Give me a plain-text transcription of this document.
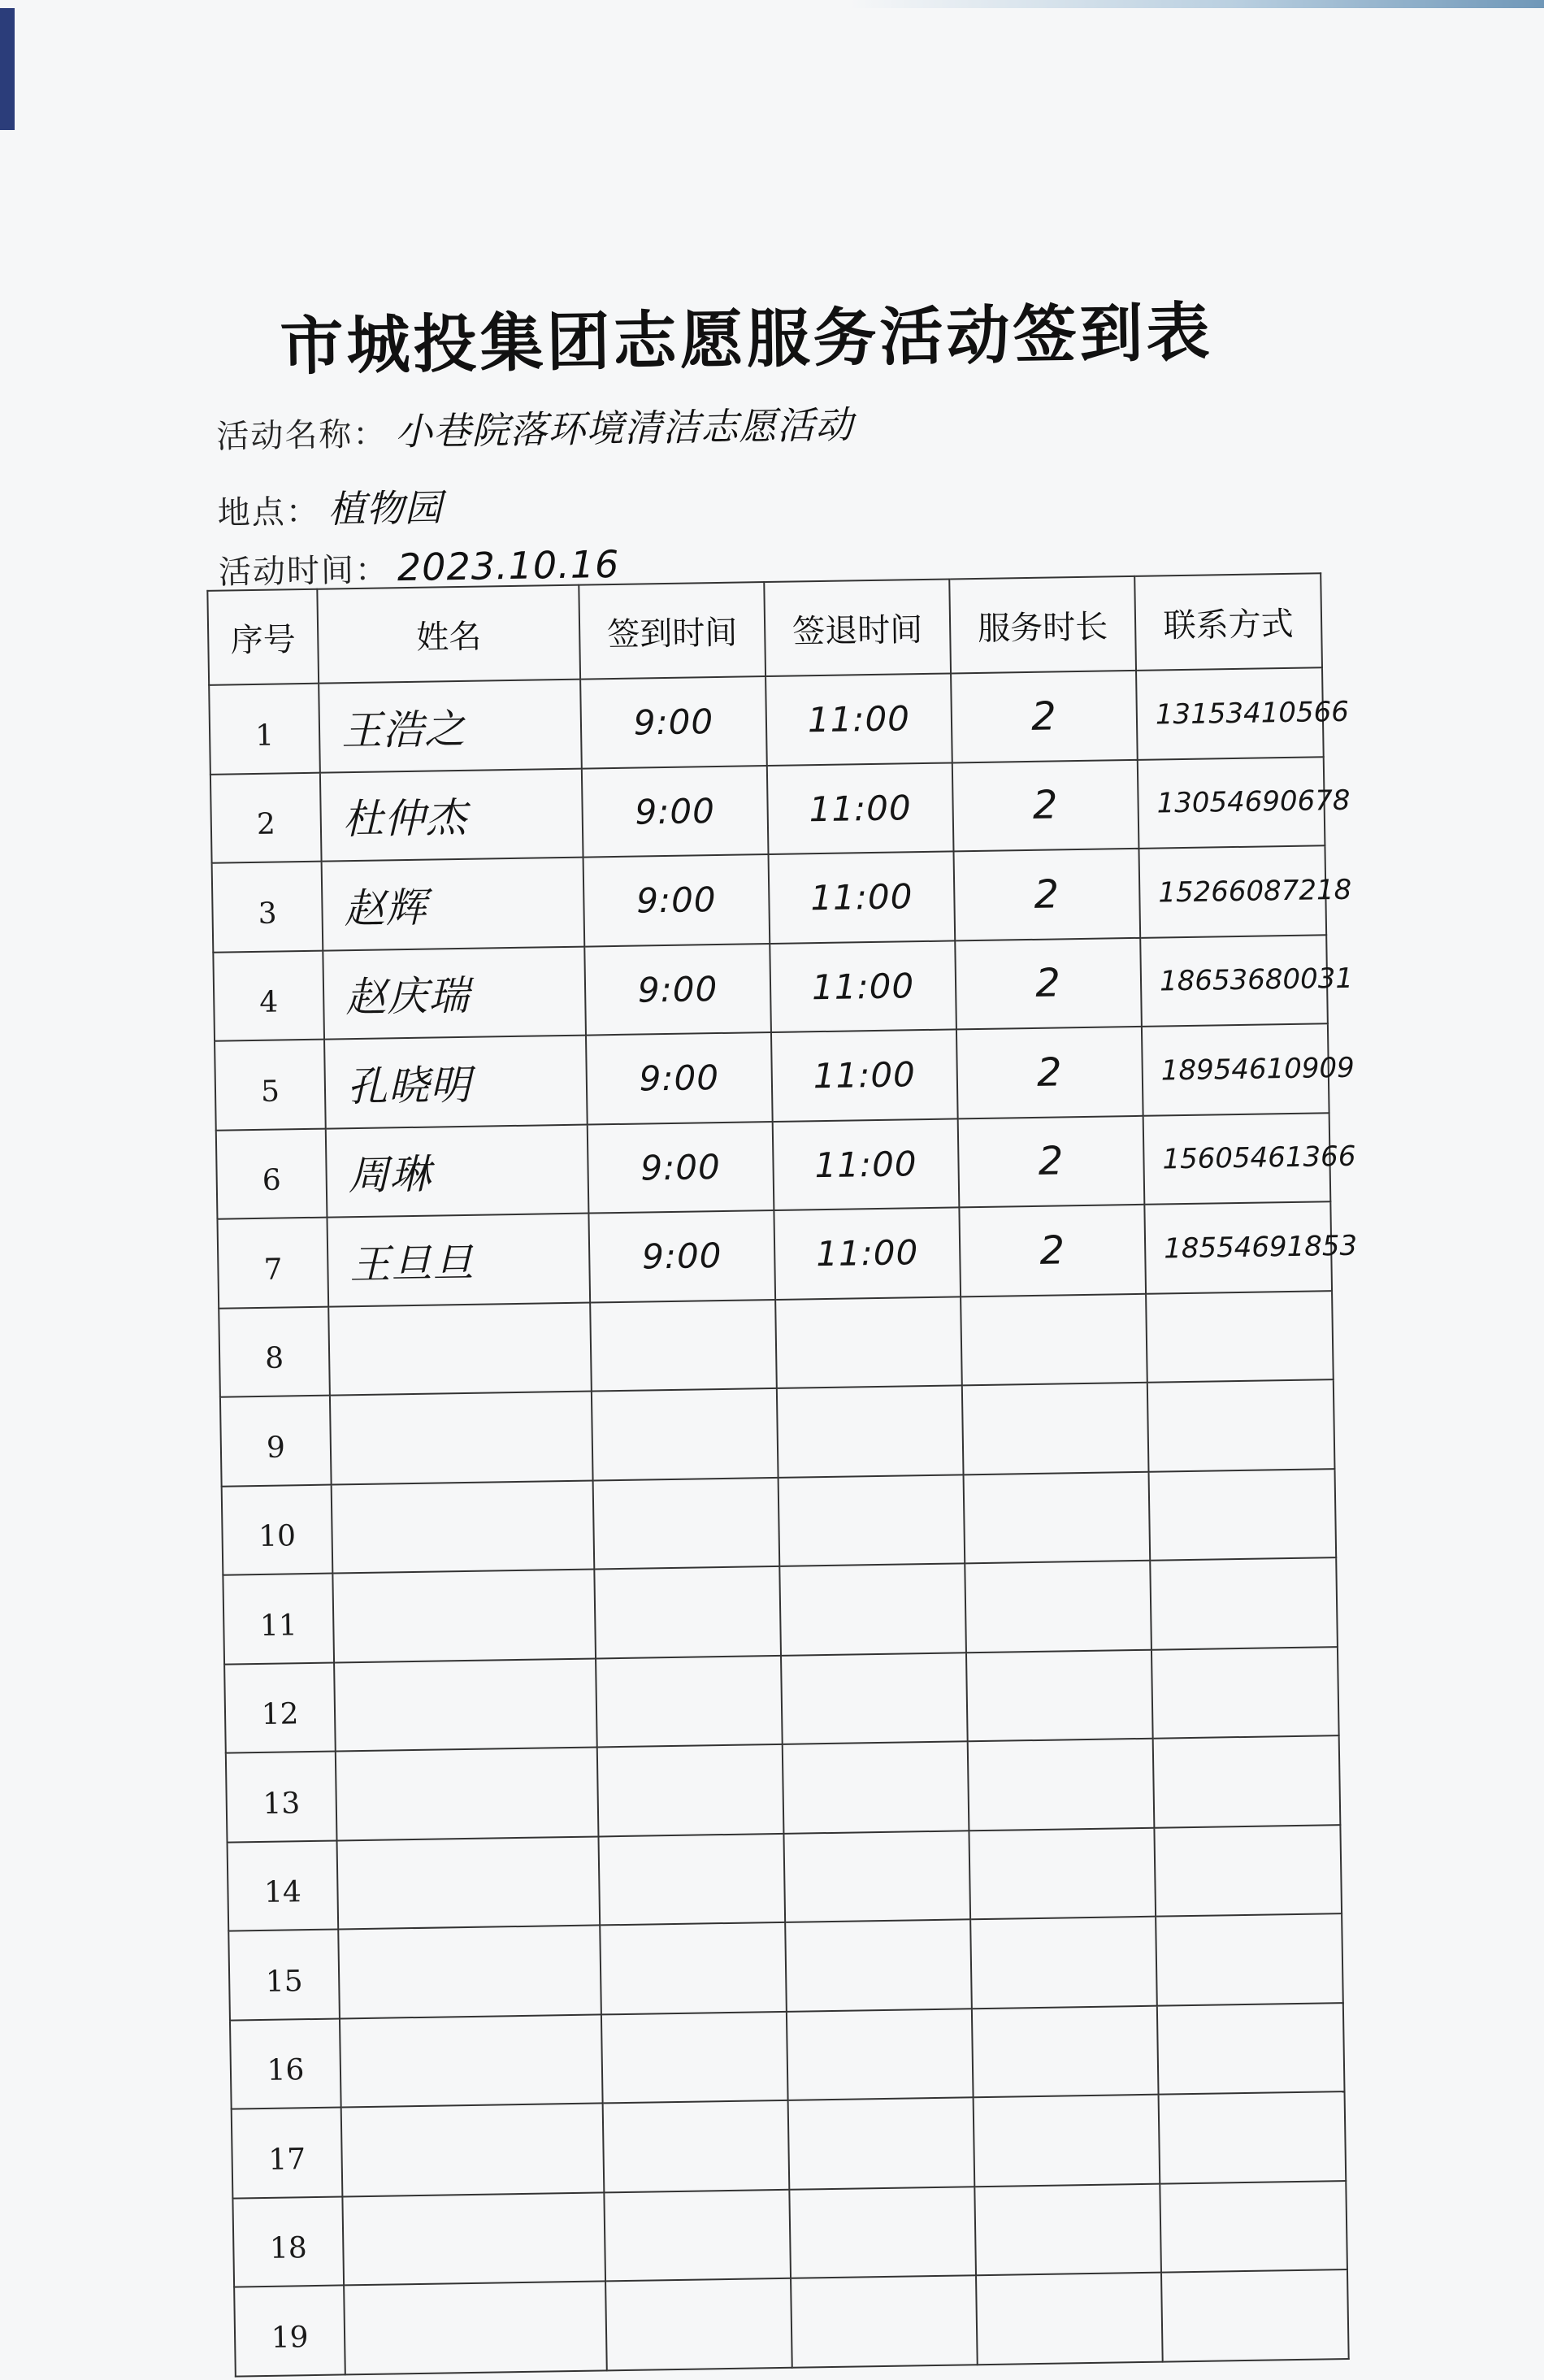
市城投集团志愿服务活动签到表
活动名称： 小巷院落环境清洁志愿活动
地点： 植物园
活动时间： 2023.10.16
序号	姓名	签到时间	签退时间	服务时长	联系方式
1	王浩之	9:00	11:00	2	13153410566
2	杜仲杰	9:00	11:00	2	13054690678
3	赵辉	9:00	11:00	2	15266087218
4	赵庆瑞	9:00	11:00	2	18653680031
5	孔晓明	9:00	11:00	2	18954610909
6	周琳	9:00	11:00	2	15605461366
7	王旦旦	9:00	11:00	2	18554691853
8					
9					
10					
11					
12					
13					
14					
15					
16					
17					
18					
19					
